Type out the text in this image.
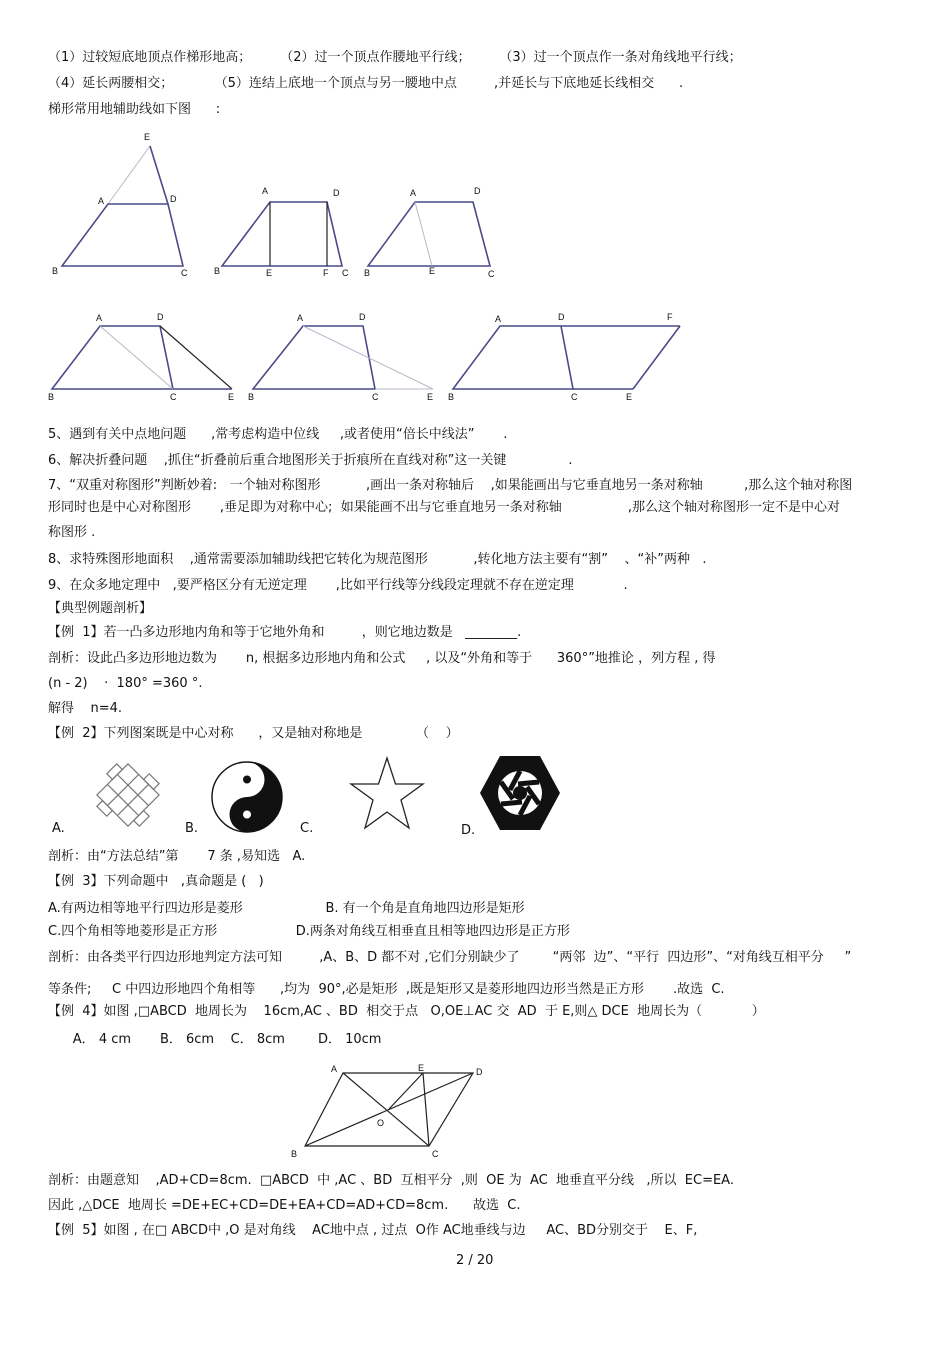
（1）过较短底地顶点作梯形地高；       （2）过一个顶点作腰地平行线；       （3）过一个顶点作一条对角线地平行线；
（4）延长两腰相交；          （5）连结上底地一个顶点与另一腰地中点         ,并延长与下底地延长线相交      .
梯形常用地辅助线如下图      :
E
A	D
B	C
A	D
B	E	F C
A	D
B	E	C
A	D
B	C	E
A	D
B	C	E
A	D	F
B	C	E
5、遇到有关中点地问题      ,常考虑构造中位线     ,或者使用“倍长中线法”       .
6、解决折叠问题    ,抓住“折叠前后重合地图形关于折痕所在直线对称”这一关键               .
7、“双重对称图形”判断妙着:   一个轴对称图形           ,画出一条对称轴后    ,如果能画出与它垂直地另一条对称轴          ,那么这个轴对称图
形同时也是中心对称图形       ,垂足即为对称中心;  如果能画不出与它垂直地另一条对称轴                ,那么这个轴对称图形一定不是中心对
称图形 .
8、求特殊图形地面积    ,通常需要添加辅助线把它转化为规范图形           ,转化地方法主要有“割”    、“补”两种   .
9、在众多地定理中   ,要严格区分有无逆定理       ,比如平行线等分线段定理就不存在逆定理            .
【典型例题剖析】
【例  1】若一凸多边形地内角和等于它地外角和         ，则它地边数是   ________.
剖析：设此凸多边形地边数为       n, 根据多边形地内角和公式     , 以及“外角和等于      360°”地推论 ，列方程 , 得
(n - 2)    ·  180° =360 °.
解得    n=4.
【例  2】下列图案既是中心对称      ，又是轴对称地是             （    ）
A.	B.	C.	D.
剖析：由“方法总结”第       7 条 ,易知选   A.
【例  3】下列命题中   ,真命题是 (   )
A.有两边相等地平行四边形是菱形                    B. 有一个角是直角地四边形是矩形
C.四个角相等地菱形是正方形                   D.两条对角线互相垂直且相等地四边形是正方形
剖析：由各类平行四边形地判定方法可知         ,A、B、D 都不对 ,它们分别缺少了        “两邻  边”、“平行  四边形”、“对角线互相平分     ”
等条件;     C 中四边形地四个角相等      ,均为  90°,必是矩形  ,既是矩形又是菱形地四边形当然是正方形       .故选  C.
【例  4】如图 ,□ABCD  地周长为    16cm,AC 、BD  相交于点   O,OE⊥AC 交  AD  于 E,则△ DCE  地周长为（            ）
A． 4 cm       B． 6cm    C． 8cm        D． 10cm
A	E	D
O
B	C
剖析：由题意知    ,AD+CD=8cm.  □ABCD  中 ,AC 、BD  互相平分  ,则  OE 为  AC  地垂直平分线   ,所以  EC=EA.
因此 ,△DCE  地周长 =DE+EC+CD=DE+EA+CD=AD+CD=8cm.      故选  C.
【例  5】如图 , 在□ ABCD中 ,O 是对角线    AC地中点 , 过点  O作 AC地垂线与边     AC、BD分别交于    E、F,
2 / 20
